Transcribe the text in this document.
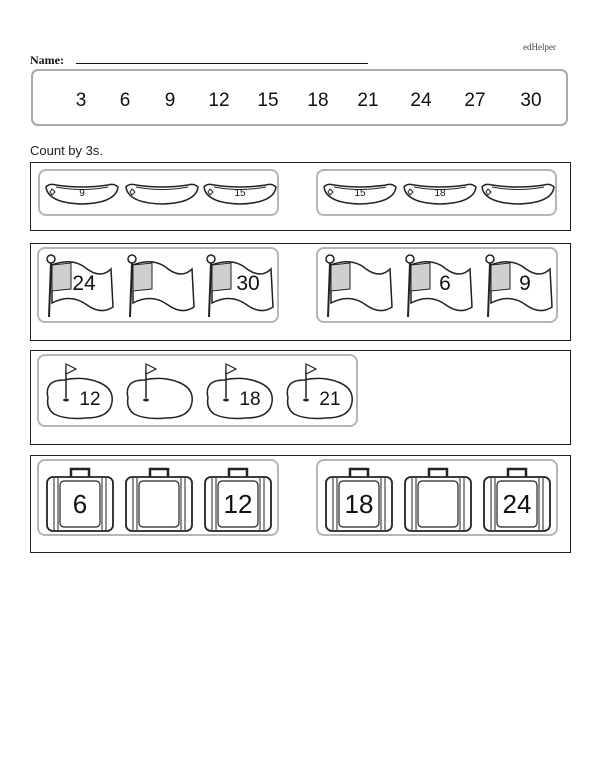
edHelper
Name:
3	6	9	12	15	18	21	24	27	30
Count by 3s.
9	15	15	18
24	30	6	9
12	18	21
6	12	18	24
